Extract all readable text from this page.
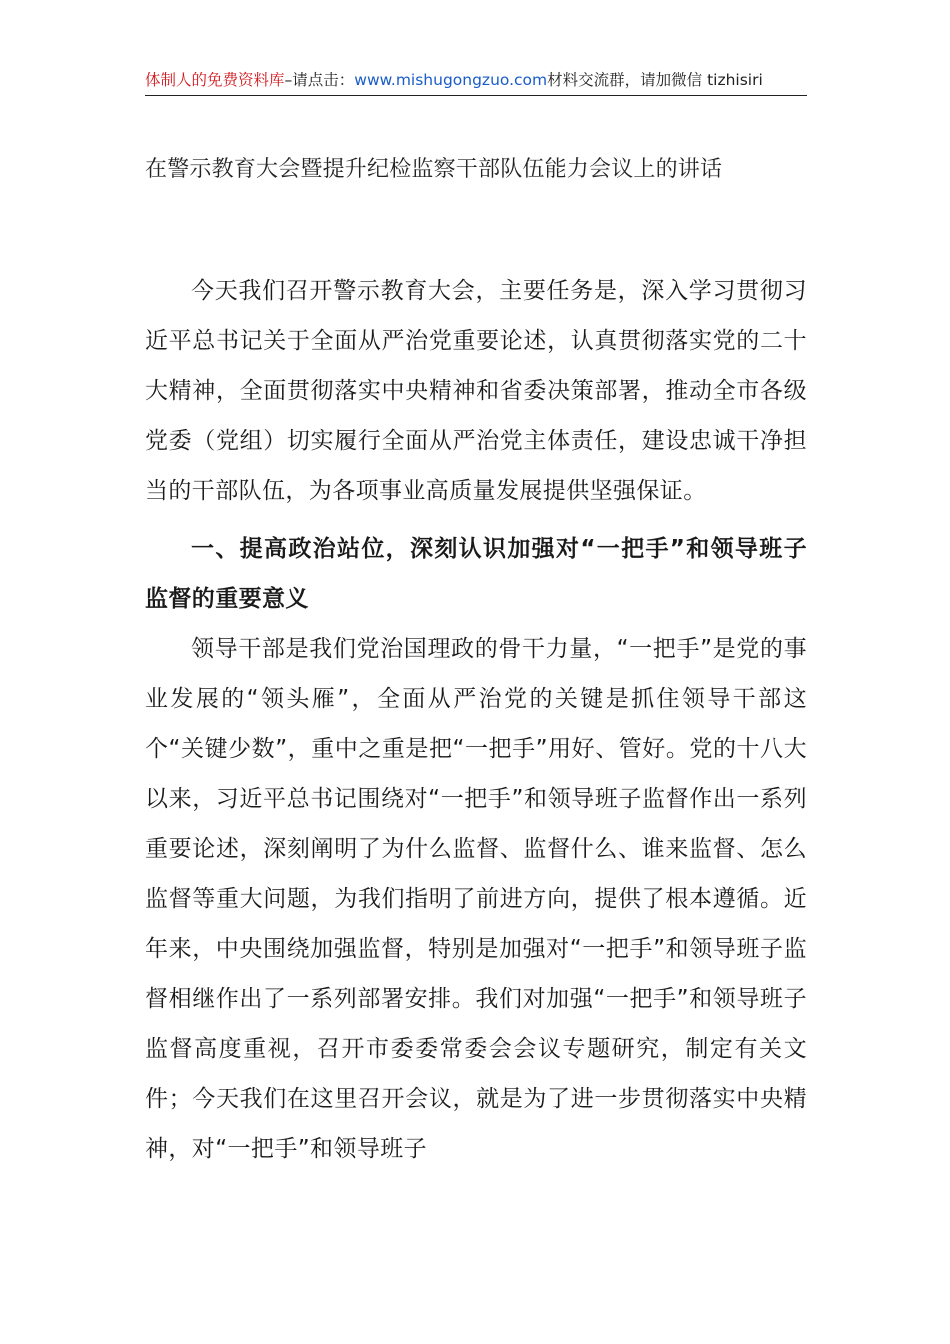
体制人的免费资料库–请点击：www.mishugongzuo.com材料交流群，请加微信 tizhisiri
在警示教育大会暨提升纪检监察干部队伍能力会议上的讲话

今天我们召开警示教育大会，主要任务是，深入学习贯彻习近平总书记关于全面从严治党重要论述，认真贯彻落实党的二十大精神，全面贯彻落实中央精神和省委决策部署，推动全市各级党委（党组）切实履行全面从严治党主体责任，建设忠诚干净担当的干部队伍，为各项事业高质量发展提供坚强保证。

一、提高政治站位，深刻认识加强对“一把手”和领导班子监督的重要意义

领导干部是我们党治国理政的骨干力量，“一把手”是党的事业发展的“领头雁”，全面从严治党的关键是抓住领导干部这个“关键少数”，重中之重是把“一把手”用好、管好。党的十八大以来，习近平总书记围绕对“一把手”和领导班子监督作出一系列重要论述，深刻阐明了为什么监督、监督什么、谁来监督、怎么监督等重大问题，为我们指明了前进方向，提供了根本遵循。近年来，中央围绕加强监督，特别是加强对“一把手”和领导班子监督相继作出了一系列部署安排。我们对加强“一把手”和领导班子监督高度重视，召开市委委常委会会议专题研究，制定有关文件；今天我们在这里召开会议，就是为了进一步贯彻落实中央精神，对“一把手”和领导班子
